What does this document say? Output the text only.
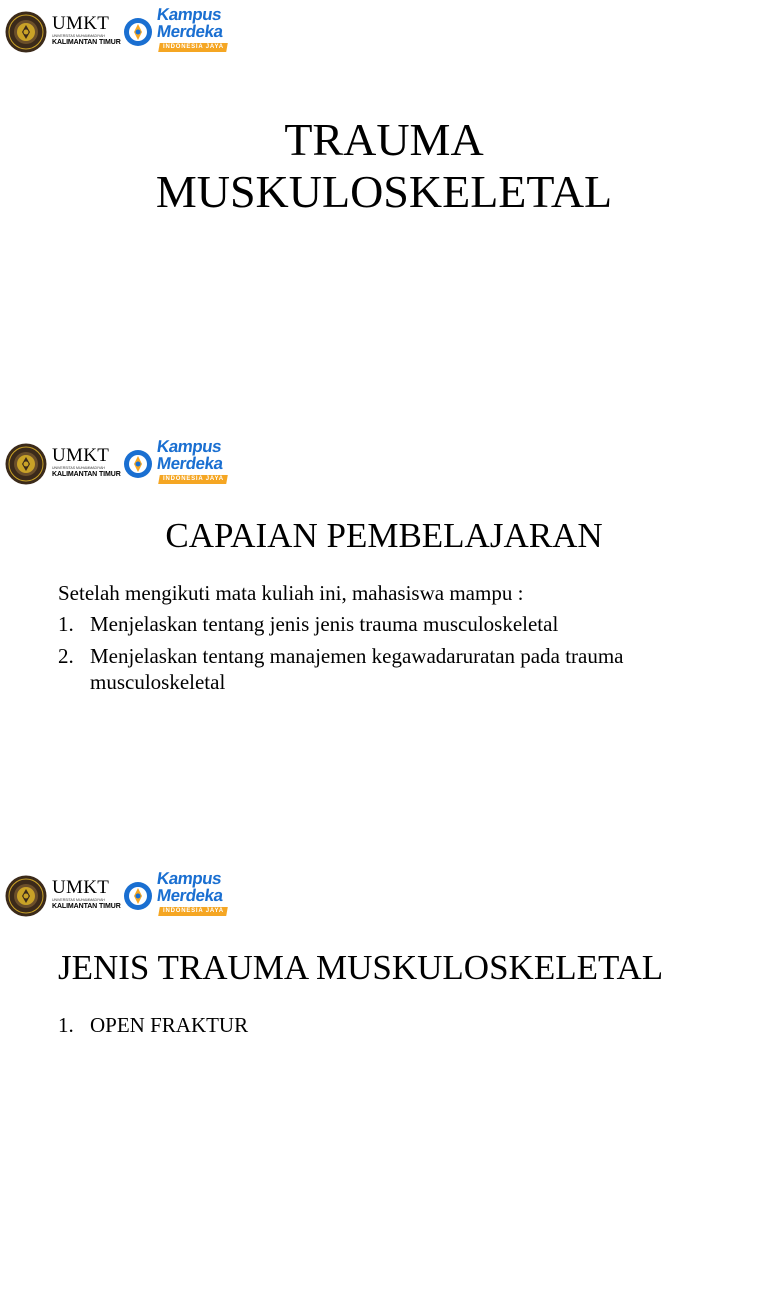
UMKT
UNIVERSITAS MUHAMMADIYAH
KALIMANTAN TIMUR
Kampus
Merdeka
INDONESIA JAYA
TRAUMA
MUSKULOSKELETAL
UMKT
UNIVERSITAS MUHAMMADIYAH
KALIMANTAN TIMUR
Kampus
Merdeka
INDONESIA JAYA
CAPAIAN PEMBELAJARAN

Setelah mengikuti mata kuliah ini, mahasiswa mampu :

1. Menjelaskan tentang jenis jenis trauma musculoskeletal
2. Menjelaskan tentang manajemen kegawadaruratan pada trauma musculoskeletal
UMKT
UNIVERSITAS MUHAMMADIYAH
KALIMANTAN TIMUR
Kampus
Merdeka
INDONESIA JAYA
JENIS TRAUMA MUSKULOSKELETAL
1. OPEN FRAKTUR
